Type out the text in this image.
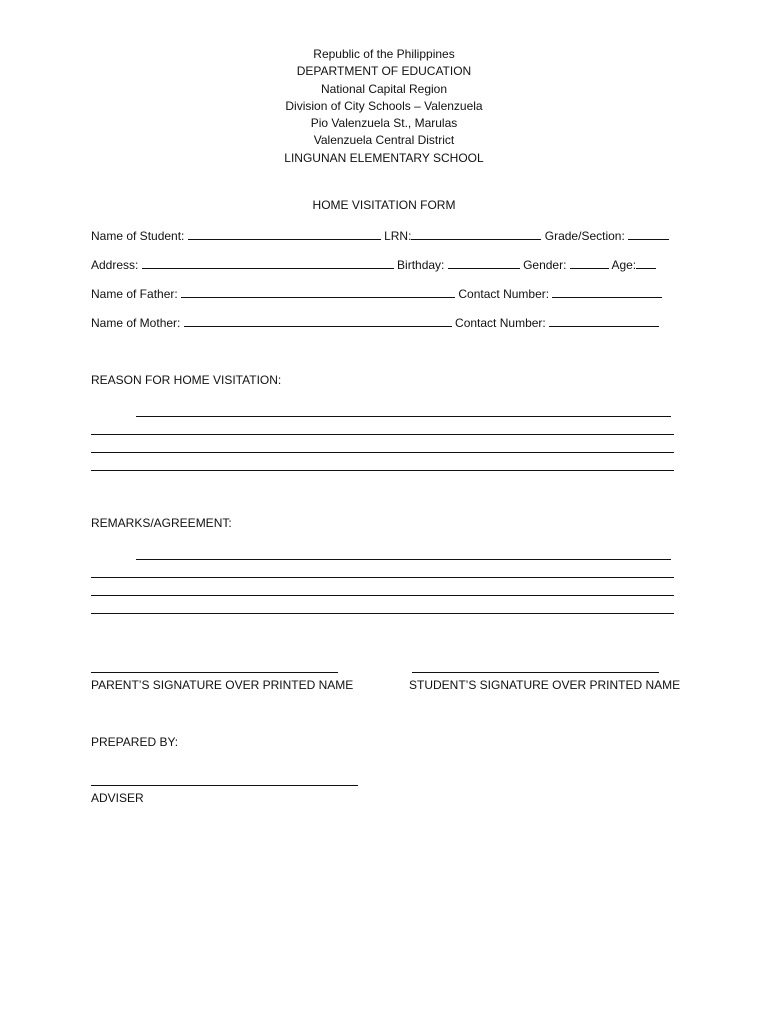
Republic of the Philippines
DEPARTMENT OF EDUCATION
National Capital Region
Division of City Schools – Valenzuela
Pio Valenzuela St., Marulas
Valenzuela Central District
LINGUNAN ELEMENTARY SCHOOL
HOME VISITATION FORM
Name of Student:	LRN:	Grade/Section:
Address:	Birthday:	Gender:	Age:
Name of Father:	Contact Number:
Name of Mother:	Contact Number:
REASON FOR HOME VISITATION:
REMARKS/AGREEMENT:
PARENT’S SIGNATURE OVER PRINTED NAME	STUDENT’S SIGNATURE OVER PRINTED NAME
PREPARED BY:
ADVISER
